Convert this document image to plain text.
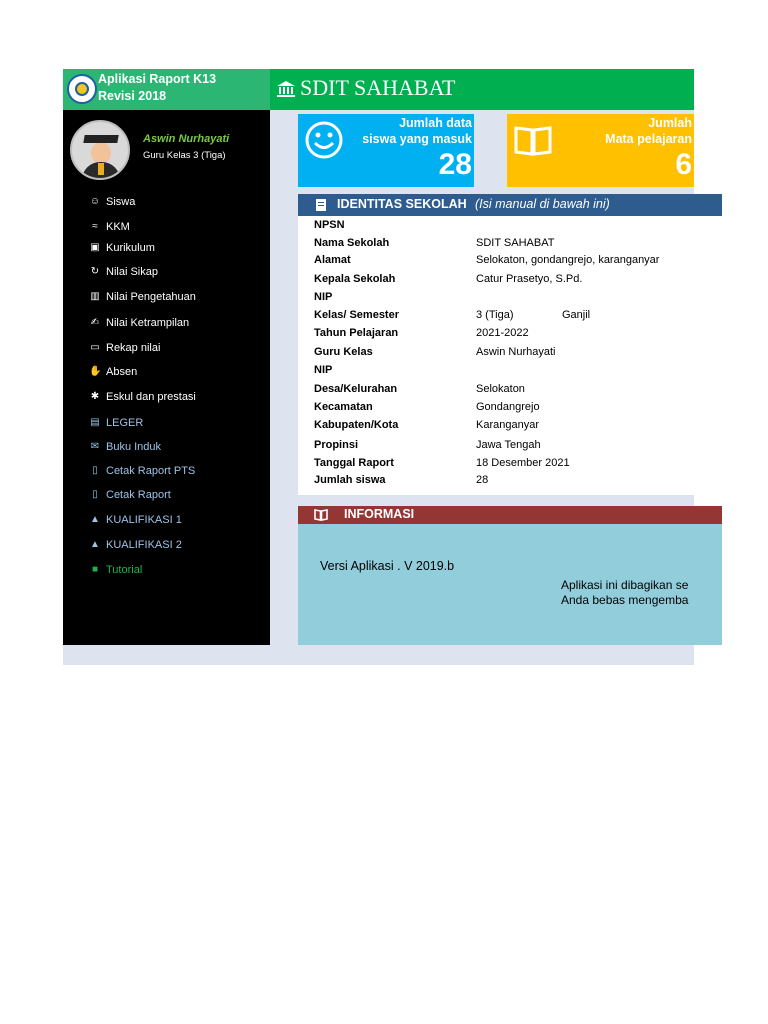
Aplikasi Raport K13
Revisi 2018
Aswin Nurhayati
Guru Kelas 3 (Tiga)
☺ Siswa
≈ KKM
▣ Kurikulum
↻ Nilai Sikap
▥ Nilai Pengetahuan
✍ Nilai Ketrampilan
▭ Rekap nilai
✋ Absen
✱ Eskul dan prestasi
▤ LEGER
✉ Buku Induk
▯ Cetak Raport PTS
▯ Cetak Raport
▲ KUALIFIKASI 1
▲ KUALIFIKASI 2
■ Tutorial
SDIT SAHABAT
Jumlah data
siswa yang masuk
28
Jumlah
Mata pelajaran
6
IDENTITAS SEKOLAH (Isi manual di bawah ini)
NPSN
Nama Sekolah	SDIT SAHABAT
Alamat	Selokaton, gondangrejo, karanganyar
Kepala Sekolah	Catur Prasetyo, S.Pd.
NIP
Kelas/ Semester	3 (Tiga)	Ganjil
Tahun Pelajaran	2021-2022
Guru Kelas	Aswin Nurhayati
NIP
Desa/Kelurahan	Selokaton
Kecamatan	Gondangrejo
Kabupaten/Kota	Karanganyar
Propinsi	Jawa Tengah
Tanggal Raport	18 Desember 2021
Jumlah siswa	28
INFORMASI
Versi Aplikasi . V 2019.b
Aplikasi ini dibagikan se
Anda bebas mengemba
